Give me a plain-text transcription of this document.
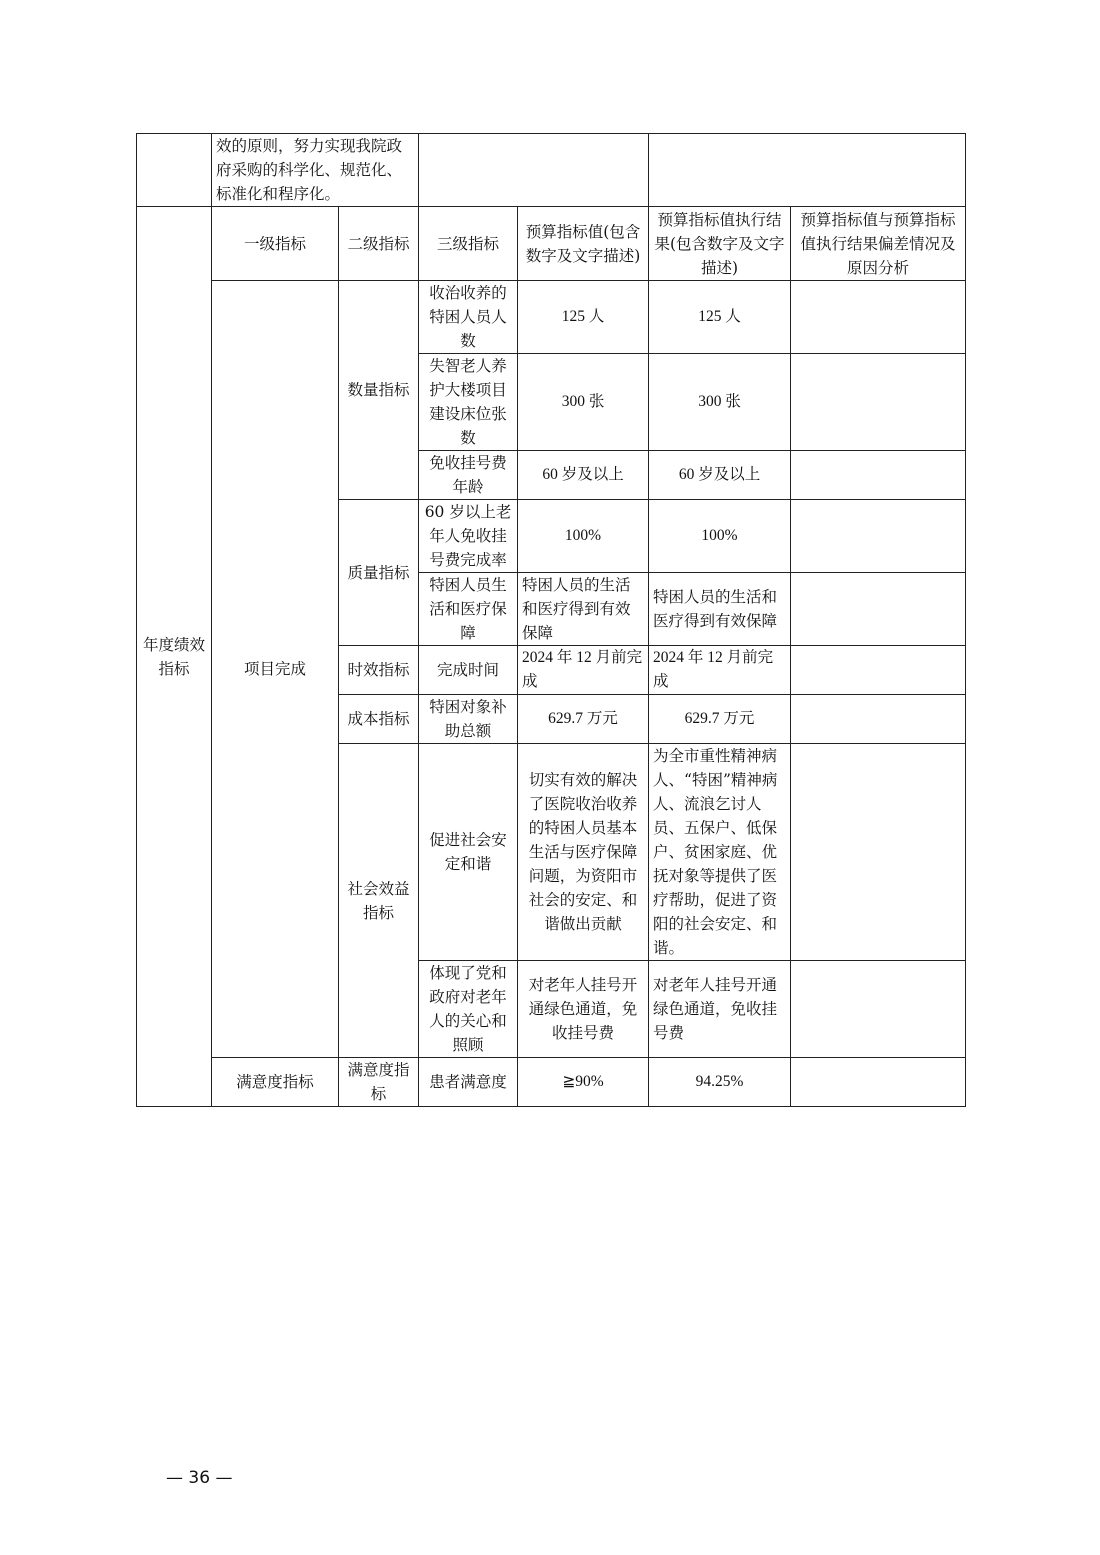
	效的原则，努力实现我院政府采购的科学化、规范化、标准化和程序化。					
年度绩效指标	一级指标	二级指标	三级指标	预算指标值(包含数字及文字描述)	预算指标值执行结果(包含数字及文字描述)	预算指标值与预算指标值执行结果偏差情况及原因分析
	项目完成	数量指标	收治收养的特困人员人数	125 人	125 人	
			失智老人养护大楼项目建设床位张数	300 张	300 张	
			免收挂号费年龄	60 岁及以上	60 岁及以上	
		质量指标	60 岁以上老年人免收挂号费完成率	100%	100%	
			特困人员生活和医疗保障	特困人员的生活和医疗得到有效保障	特困人员的生活和医疗得到有效保障	
		时效指标	完成时间	2024 年 12 月前完成	2024 年 12 月前完成	
		成本指标	特困对象补助总额	629.7 万元	629.7 万元	
		社会效益指标	促进社会安定和谐	切实有效的解决了医院收治收养的特困人员基本生活与医疗保障问题，为资阳市社会的安定、和谐做出贡献	为全市重性精神病人、“特困”精神病人、流浪乞讨人员、五保户、低保户、贫困家庭、优抚对象等提供了医疗帮助，促进了资阳的社会安定、和谐。	
			体现了党和政府对老年人的关心和照顾	对老年人挂号开通绿色通道，免收挂号费	对老年人挂号开通绿色通道，免收挂号费	
	满意度指标	满意度指标	患者满意度	≧90%	94.25%	
— 36 —
